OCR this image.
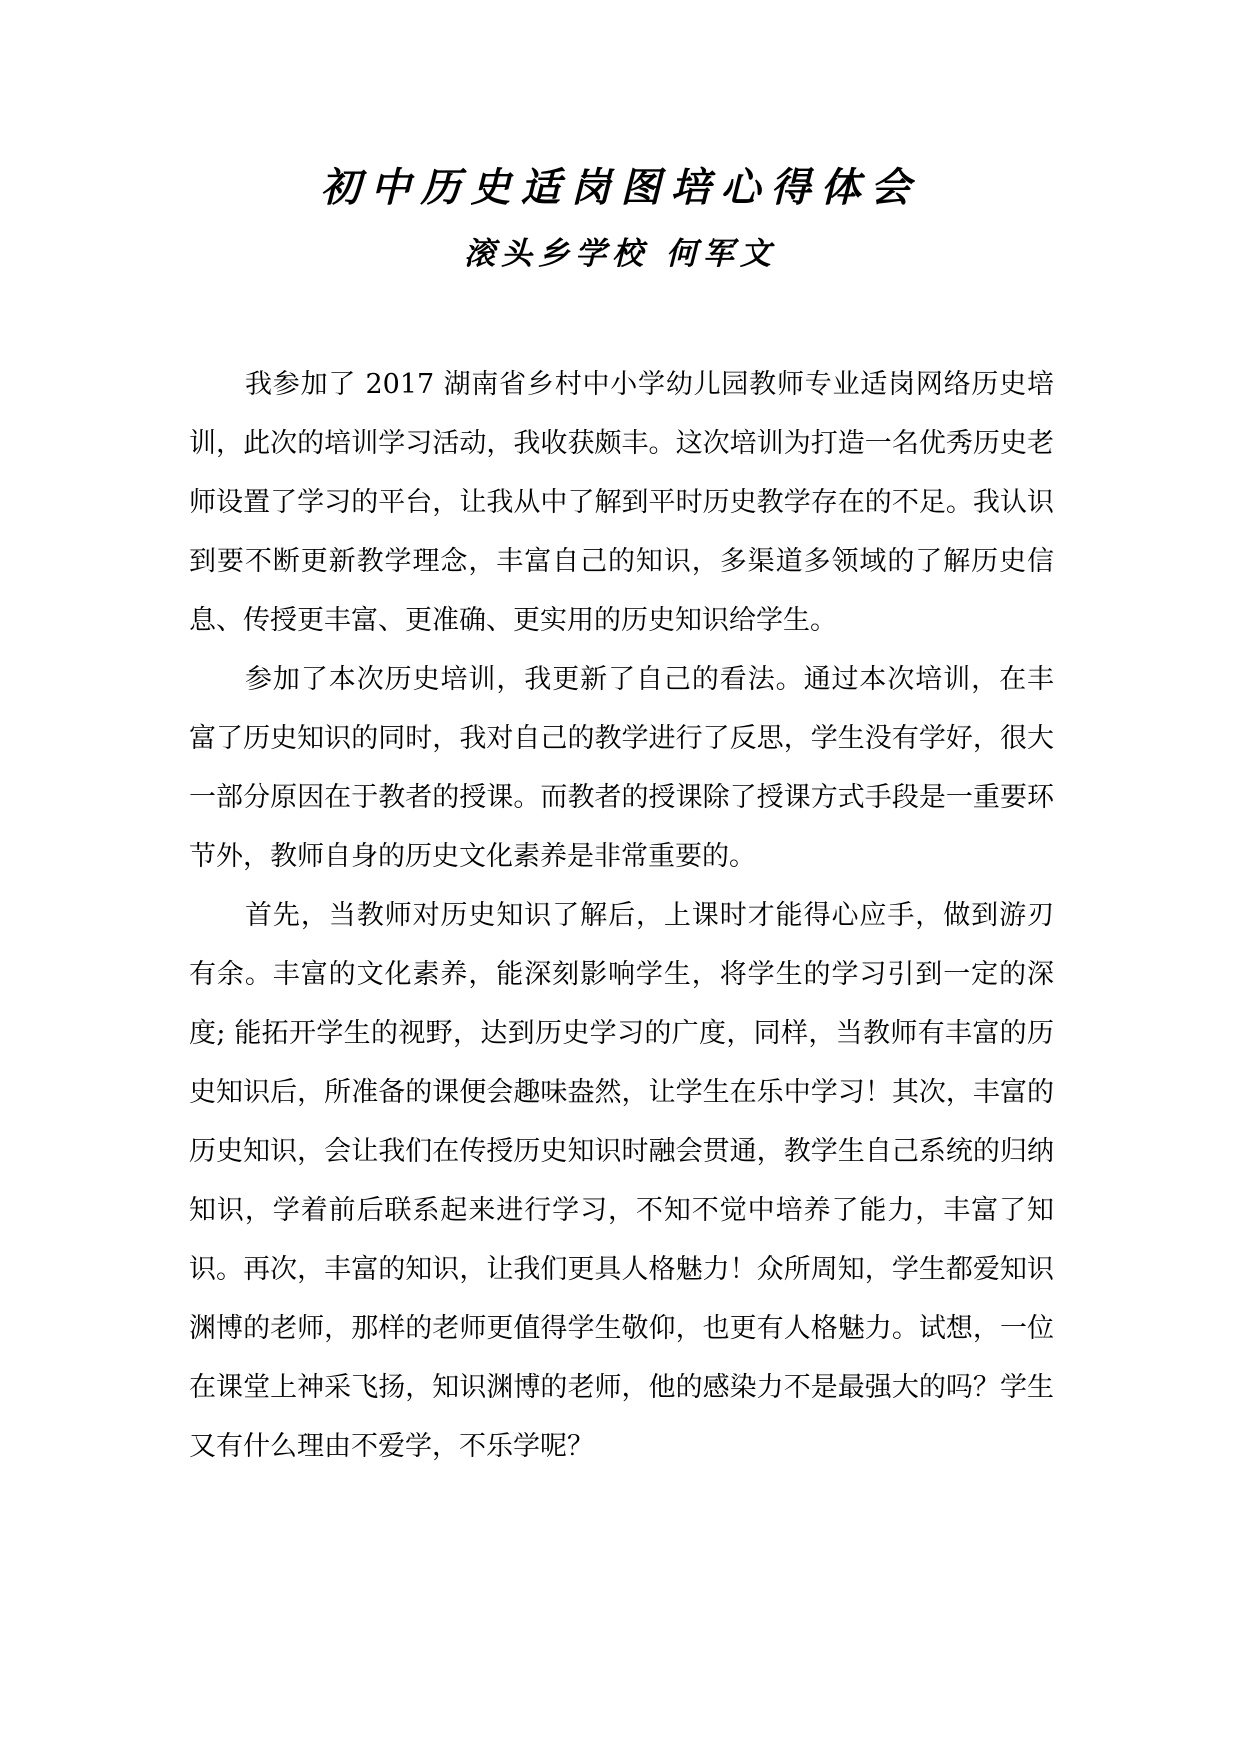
初中历史适岗图培心得体会
滚头乡学校 何军文

我参加了 2017 湖南省乡村中小学幼儿园教师专业适岗网络历史培训，此次的培训学习活动，我收获颇丰。这次培训为打造一名优秀历史老师设置了学习的平台，让我从中了解到平时历史教学存在的不足。我认识到要不断更新教学理念，丰富自己的知识，多渠道多领域的了解历史信息、传授更丰富、更准确、更实用的历史知识给学生。

参加了本次历史培训，我更新了自己的看法。通过本次培训，在丰富了历史知识的同时，我对自己的教学进行了反思，学生没有学好，很大一部分原因在于教者的授课。而教者的授课除了授课方式手段是一重要环节外，教师自身的历史文化素养是非常重要的。

首先，当教师对历史知识了解后，上课时才能得心应手，做到游刃有余。丰富的文化素养，能深刻影响学生，将学生的学习引到一定的深度; 能拓开学生的视野，达到历史学习的广度，同样，当教师有丰富的历史知识后，所准备的课便会趣味盎然，让学生在乐中学习！其次，丰富的历史知识，会让我们在传授历史知识时融会贯通，教学生自己系统的归纳知识，学着前后联系起来进行学习，不知不觉中培养了能力，丰富了知识。再次，丰富的知识，让我们更具人格魅力！众所周知，学生都爱知识渊博的老师，那样的老师更值得学生敬仰，也更有人格魅力。试想，一位在课堂上神采飞扬，知识渊博的老师，他的感染力不是最强大的吗？学生又有什么理由不爱学，不乐学呢？
